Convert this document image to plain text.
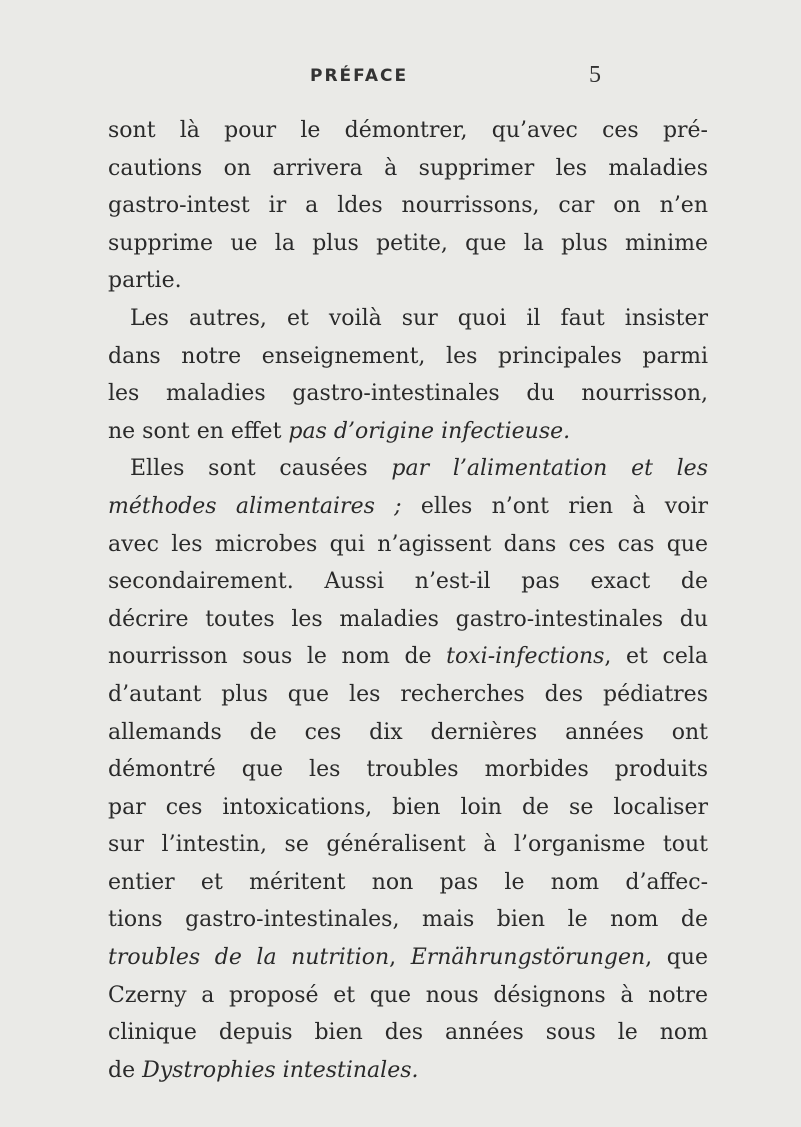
PRÉFACE	5
sont là pour le démontrer, qu’avec ces pré-
cautions on arrivera à supprimer les maladies
gastro-intest ir a ldes nourrissons, car on n’en
supprime ue la plus petite, que la plus minime
partie.
Les autres, et voilà sur quoi il faut insister
dans notre enseignement, les principales parmi
les maladies gastro-intestinales du nourrisson,
ne sont en effet pas d’origine infectieuse.
Elles sont causées par l’alimentation et les
méthodes alimentaires ; elles n’ont rien à voir
avec les microbes qui n’agissent dans ces cas que
secondairement. Aussi n’est-il pas exact de
décrire toutes les maladies gastro-intestinales du
nourrisson sous le nom de toxi-infections, et cela
d’autant plus que les recherches des pédiatres
allemands de ces dix dernières années ont
démontré que les troubles morbides produits
par ces intoxications, bien loin de se localiser
sur l’intestin, se généralisent à l’organisme tout
entier et méritent non pas le nom d’affec-
tions gastro-intestinales, mais bien le nom de
troubles de la nutrition, Ernährungstörungen, que
Czerny a proposé et que nous désignons à notre
clinique depuis bien des années sous le nom
de Dystrophies intestinales.
